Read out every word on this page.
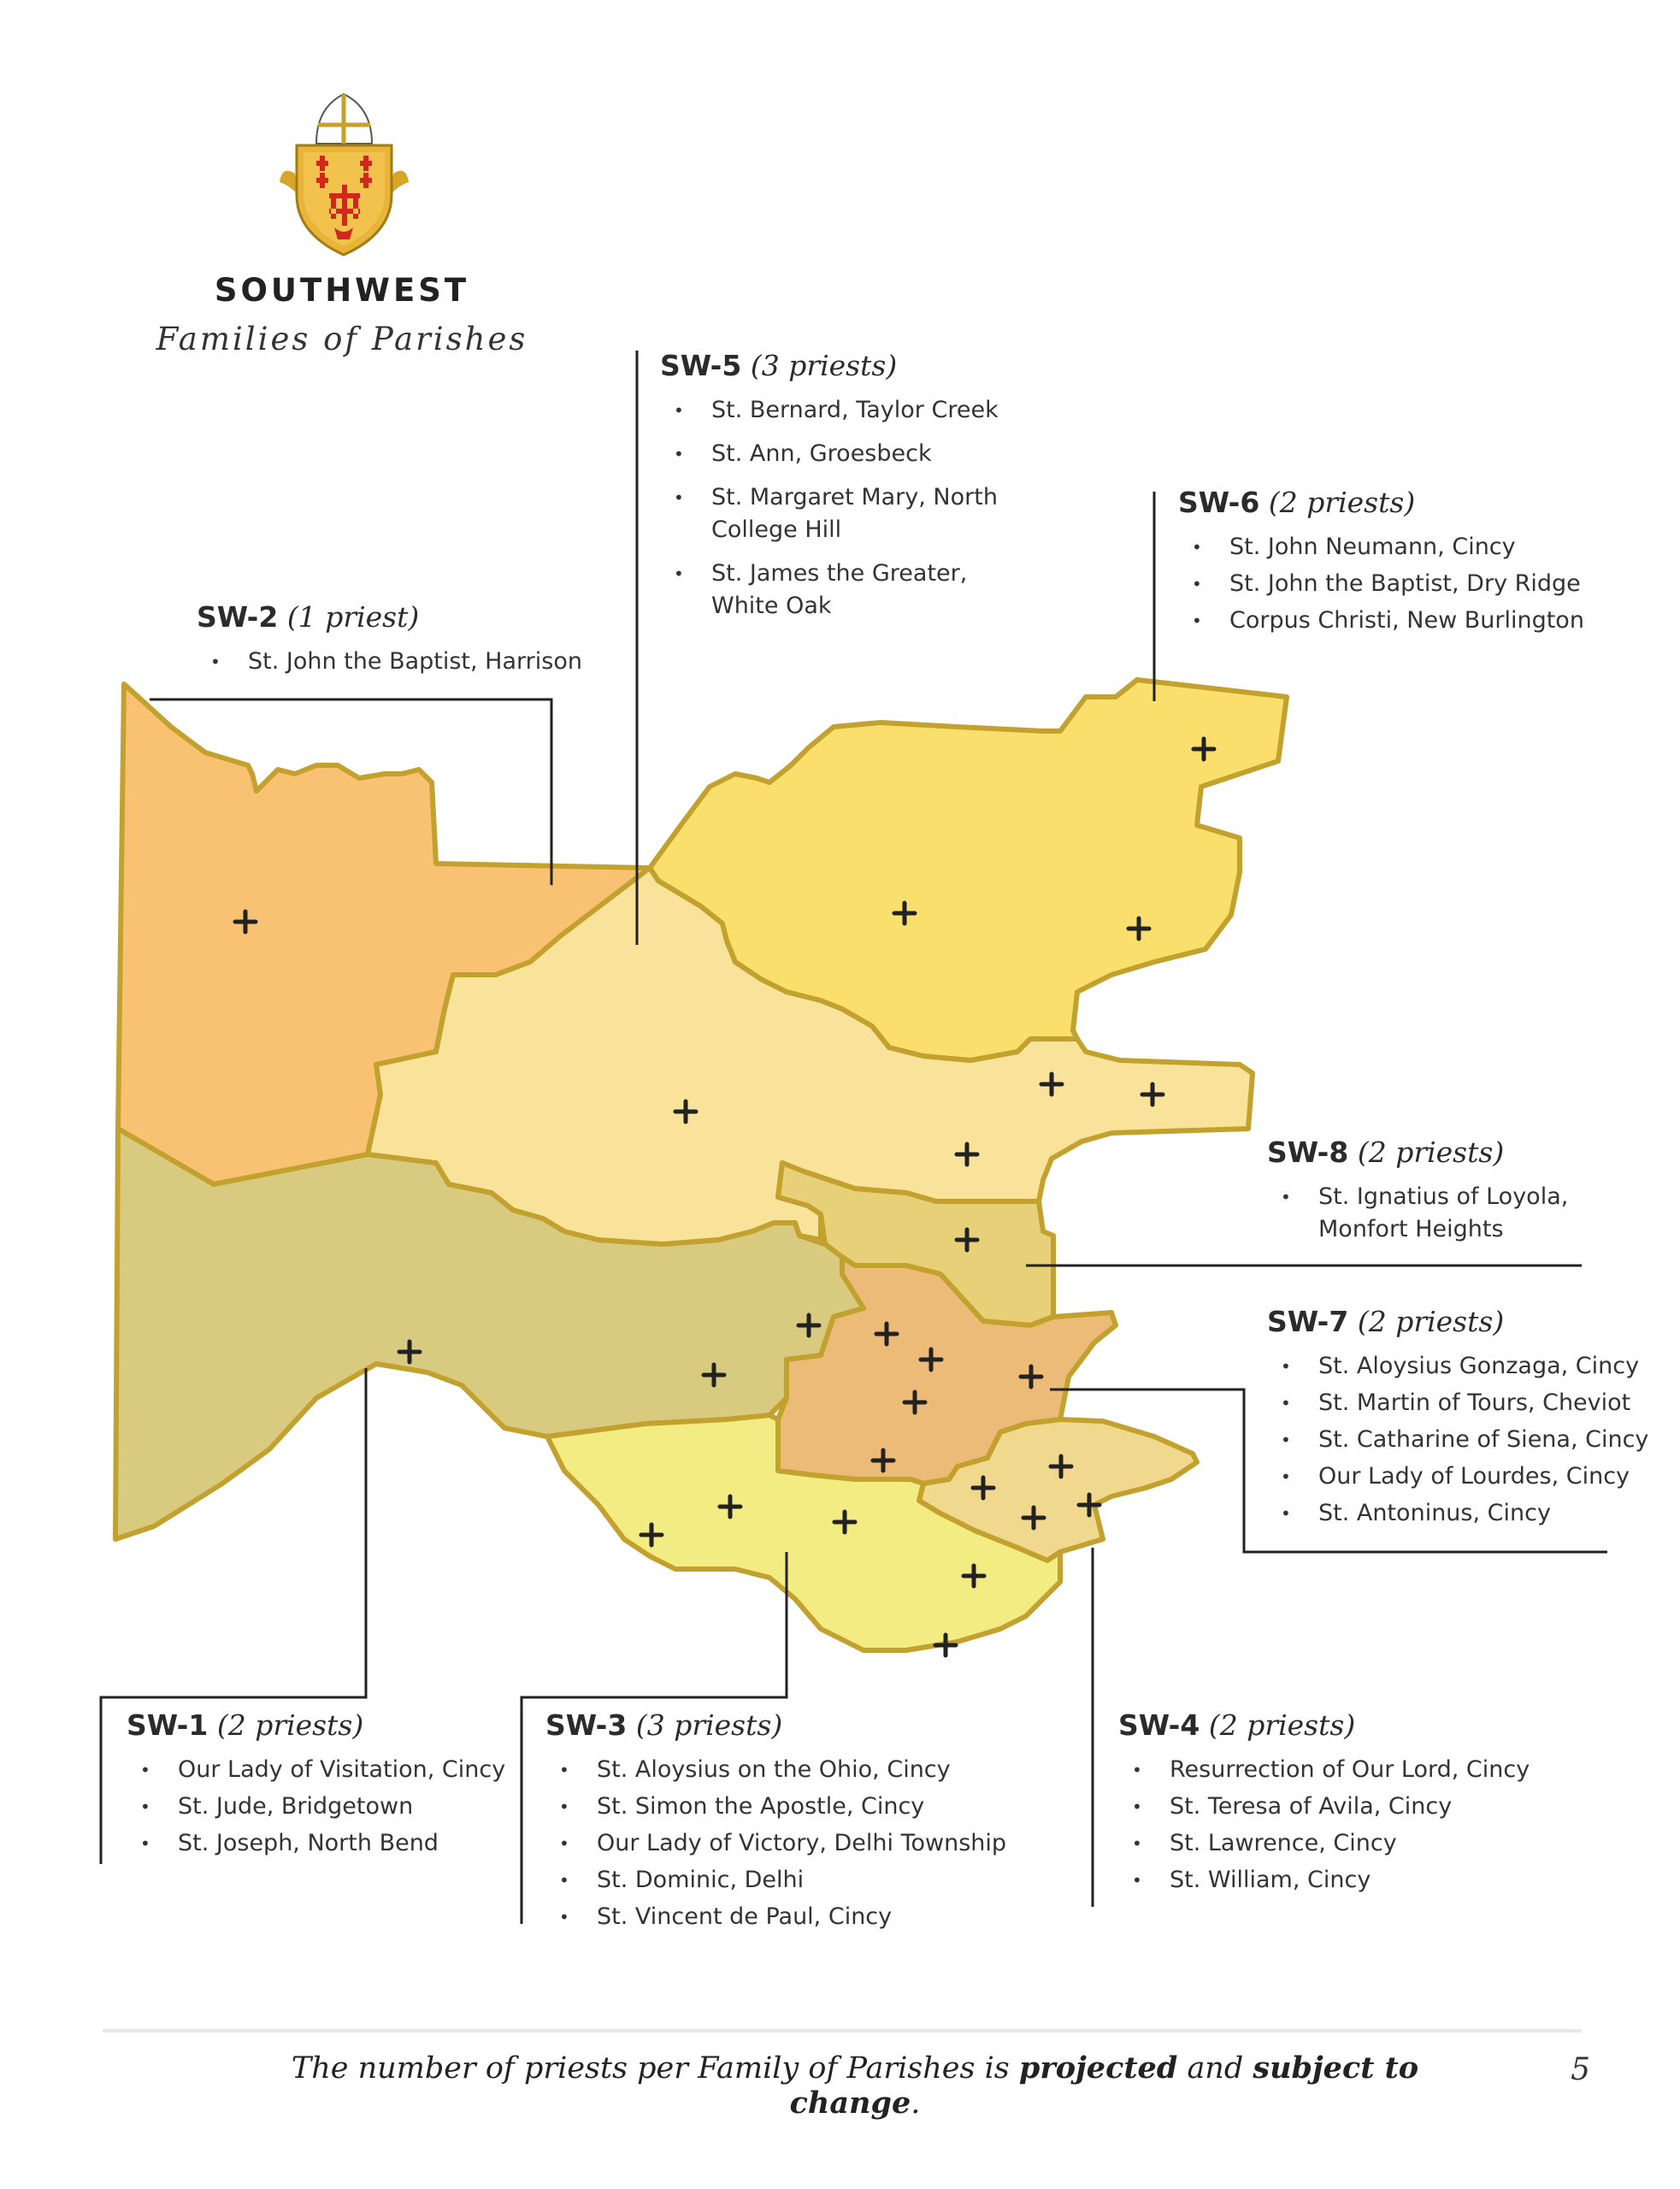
SOUTHWEST
Families of Parishes
SW-5 (3 priests)
• St. Bernard, Taylor Creek
• St. Ann, Groesbeck
• St. Margaret Mary, North College Hill
• St. James the Greater, White Oak
SW-6 (2 priests)
• St. John Neumann, Cincy
• St. John the Baptist, Dry Ridge
• Corpus Christi, New Burlington
SW-2 (1 priest)
• St. John the Baptist, Harrison
SW-8 (2 priests)
• St. Ignatius of Loyola, Monfort Heights
SW-7 (2 priests)
• St. Aloysius Gonzaga, Cincy
• St. Martin of Tours, Cheviot
• St. Catharine of Siena, Cincy
• Our Lady of Lourdes, Cincy
• St. Antoninus, Cincy
SW-1 (2 priests)
• Our Lady of Visitation, Cincy
• St. Jude, Bridgetown
• St. Joseph, North Bend
SW-3 (3 priests)
• St. Aloysius on the Ohio, Cincy
• St. Simon the Apostle, Cincy
• Our Lady of Victory, Delhi Township
• St. Dominic, Delhi
• St. Vincent de Paul, Cincy
SW-4 (2 priests)
• Resurrection of Our Lord, Cincy
• St. Teresa of Avila, Cincy
• St. Lawrence, Cincy
• St. William, Cincy
The number of priests per Family of Parishes is projected and subject to change.
5
